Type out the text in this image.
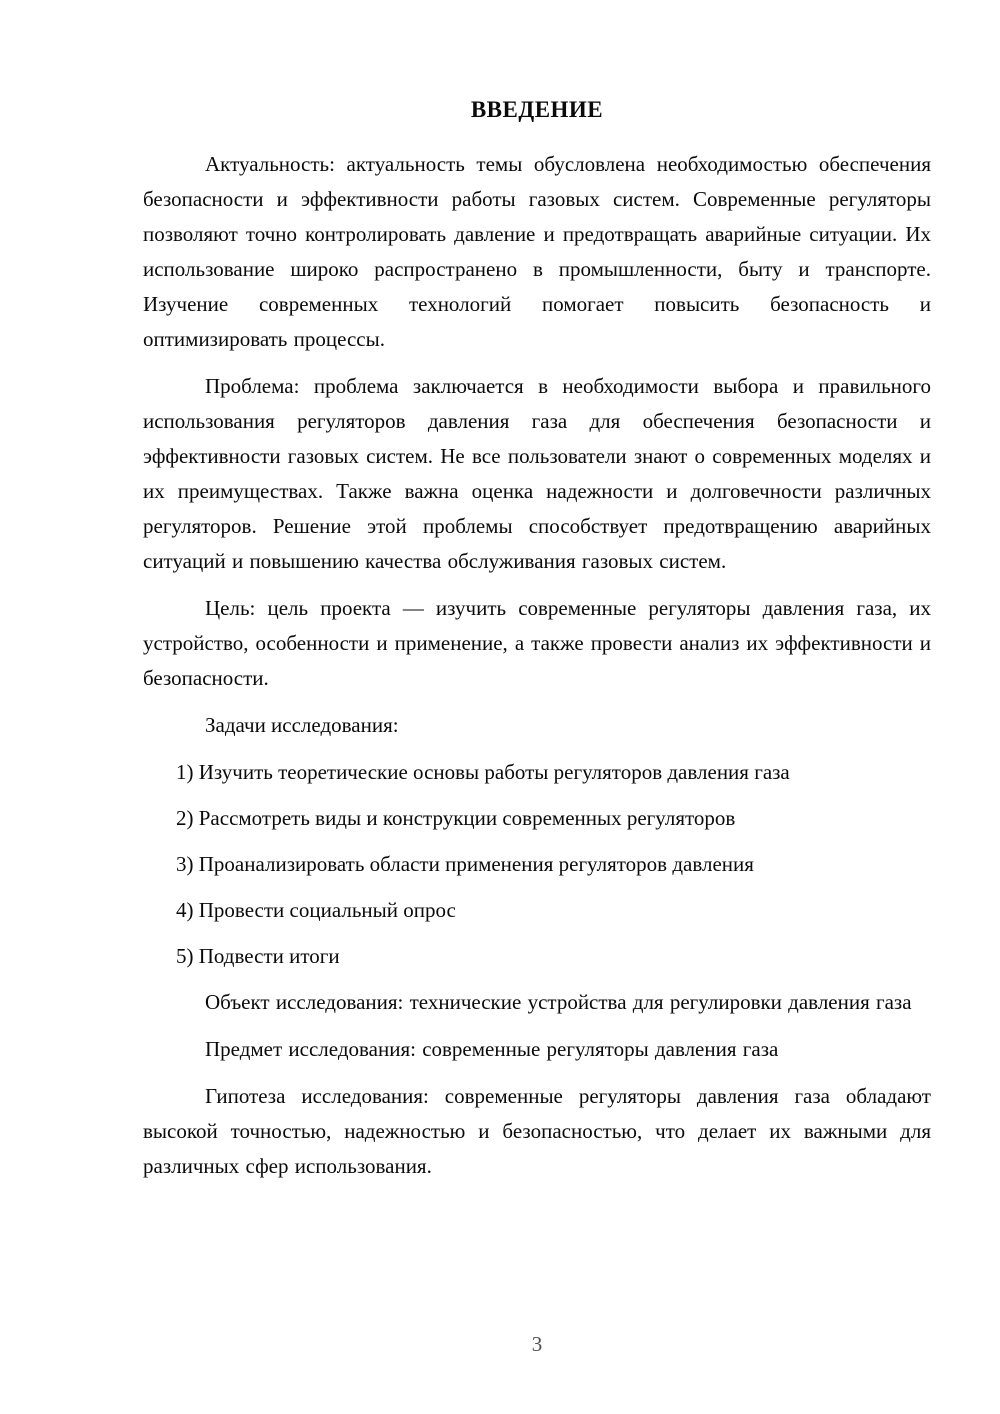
ВВЕДЕНИЕ

Актуальность: актуальность темы обусловлена необходимостью обеспечения безопасности и эффективности работы газовых систем. Современные регуляторы позволяют точно контролировать давление и предотвращать аварийные ситуации. Их использование широко распространено в промышленности, быту и транспорте. Изучение современных технологий помогает повысить безопасность и оптимизировать процессы.

Проблема: проблема заключается в необходимости выбора и правильного использования регуляторов давления газа для обеспечения безопасности и эффективности газовых систем. Не все пользователи знают о современных моделях и их преимуществах. Также важна оценка надежности и долговечности различных регуляторов. Решение этой проблемы способствует предотвращению аварийных ситуаций и повышению качества обслуживания газовых систем.

Цель: цель проекта — изучить современные регуляторы давления газа, их устройство, особенности и применение, а также провести анализ их эффективности и безопасности.

Задачи исследования:

1) Изучить теоретические основы работы регуляторов давления газа
2) Рассмотреть виды и конструкции современных регуляторов
3) Проанализировать области применения регуляторов давления
4) Провести социальный опрос
5) Подвести итоги

Объект исследования: технические устройства для регулировки давления газа

Предмет исследования: современные регуляторы давления газа

Гипотеза исследования: современные регуляторы давления газа обладают высокой точностью, надежностью и безопасностью, что делает их важными для различных сфер использования.

3
